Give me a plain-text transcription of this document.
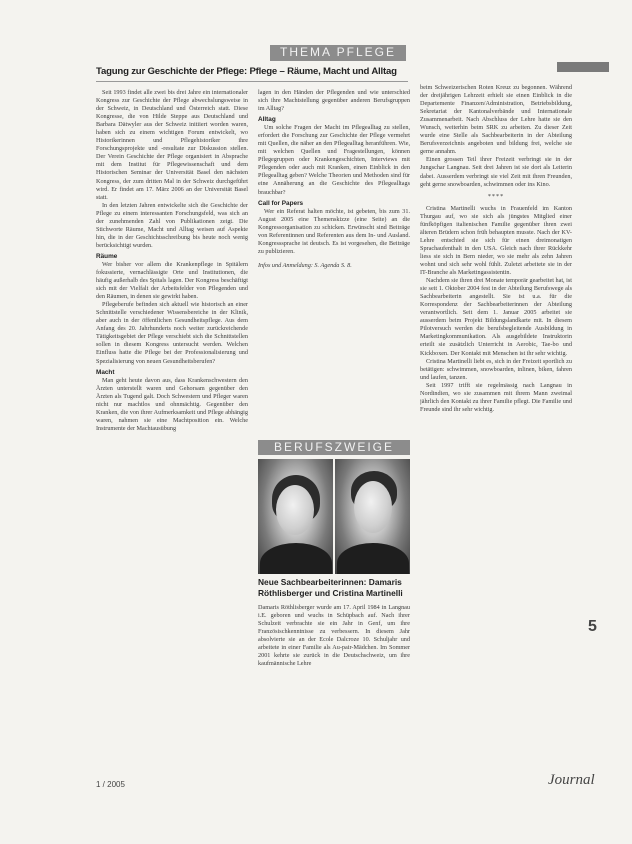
THEMA PFLEGE
Tagung zur Geschichte der Pflege: Pflege – Räume, Macht und Alltag

Seit 1993 findet alle zwei bis drei Jahre ein internationaler Kongress zur Geschichte der Pflege abwechslungsweise in der Schweiz, in Deutschland und Österreich statt. Diese Kongresse, die von Hilde Steppe aus Deutschland und Barbara Dätwyler aus der Schweiz initiiert worden waren, haben sich zu einem wichtigen Forum entwickelt, wo Historikerinnen und Pflegehistoriker ihre Forschungsprojekte und -resultate zur Diskussion stellen. Der Verein Geschichte der Pflege organisiert in Absprache mit dem Institut für Pflegewissenschaft und dem Historischen Seminar der Universität Basel den nächsten Kongress, der zum dritten Mal in der Schweiz durchgeführt wird. Er findet am 17. März 2006 an der Universität Basel statt.

In den letzten Jahren entwickelte sich die Geschichte der Pflege zu einem interessanten Forschungsfeld, was sich an der zunehmenden Zahl von Publikationen zeigt. Die Stichworte Räume, Macht und Alltag weisen auf Aspekte hin, die in der Geschichtsschreibung bis heute noch wenig berücksichtigt wurden.

Räume

Wer bisher vor allem die Krankenpflege in Spitälern fokussierte, vernachlässigte Orte und Institutionen, die häufig außerhalb des Spitals lagen. Der Kongress beschäftigt sich mit der Vielfalt der Arbeitsfelder von Pflegenden und den Räumen, in denen sie gewirkt haben.

Pflegeberufe befinden sich aktuell wie historisch an einer Schnittstelle verschiedener Wissensbereiche in der Klinik, aber auch in der öffentlichen Gesundheitspflege. Aus dem Anfang des 20. Jahrhunderts noch weiter zurückreichende Tätigkeitsgebiet der Pflege verschiebt sich die Schnittstellen sollen in diesem Kongress untersucht werden. Welchen Einfluss hatte die Pflege bei der Professionalisierung und Spezialisierung von neuen Gesundheitsberufen?

Macht

Man geht heute davon aus, dass Krankenschwestern den Ärzten unterstellt waren und Gehorsam gegenüber den Ärzten als Tugend galt. Doch Schwestern und Pfleger waren nicht nur machtlos und ohnmächtig. Gegenüber den Kranken, die von ihrer Aufmerksamkeit und Pflege abhängig waren, nahmen sie eine Machtposition ein. Welche Instrumente der Machtausübung

lagen in den Händen der Pflegenden und wie unterschied sich ihre Machtstellung gegenüber anderen Berufsgruppen im Alltag?

Alltag

Um solche Fragen der Macht im Pflegealltag zu stellen, erfordert die Forschung zur Geschichte der Pflege vermehrt mit Quellen, die näher an den Pflegealltag heranführen. Wie, mit welchen Quellen und Fragestellungen, können Pflegegruppen oder Krankengeschichten, Interviews mit Pflegenden oder auch mit Kranken, einen Einblick in den Pflegealltag geben? Welche Theorien und Methoden sind für eine Annäherung an die Geschichte des Pflegealltags brauchbar?

Call for Papers

Wer ein Referat halten möchte, ist gebeten, bis zum 31. August 2005 eine Themenskizze (eine Seite) an die Kongressorganisation zu schicken. Erwünscht sind Beiträge von Referentinnen und Referenten aus dem In- und Ausland. Kongresssprache ist deutsch. Es ist vorgesehen, die Beiträge zu publizieren.

Infos und Anmeldung: S. Agenda S. 8.

BERUFSZWEIGE
Neue Sachbearbeiterinnen: Damaris Röthlisberger und Cristina Martinelli

Damaris Röthlisberger wurde am 17. April 1984 in Langnau i.E. geboren und wuchs in Schüpbach auf. Nach ihrer Schulzeit verbrachte sie ein Jahr in Genf, um ihre Französischkenntnisse zu verbessern. In diesem Jahr absolvierte sie an der Ecole Dalcroze 10. Schuljahr und arbeitete in einer Familie als Au-pair-Mädchen. Im Sommer 2001 kehrte sie zurück in die Deutschschweiz, um ihre kaufmännische Lehre

beim Schweizerischen Roten Kreuz zu begonnen. Während der dreijährigen Lehrzeit erhielt sie einen Einblick in die Departemente Finanzen/Administration, Betriebsbildung, Sekretariat der Kantonalverbände und Internationale Zusammenarbeit. Nach Abschluss der Lehre hatte sie den Wunsch, weiterhin beim SRK zu arbeiten. Zu dieser Zeit wurde eine Stelle als Sachbearbeiterin in der Abteilung Berufsverzeichnis angeboten und bildung frei, welche sie gerne annahm.

Einen grossen Teil ihrer Freizeit verbringt sie in der Jungschar Langnau. Seit drei Jahren ist sie dort als Leiterin dabei. Ausserdem verbringt sie viel Zeit mit ihren Freunden, geht gerne snowboarden, schwimmen oder ins Kino.

****

Cristina Martinelli wuchs in Frauenfeld im Kanton Thurgau auf, wo sie sich als jüngstes Mitglied einer fünfköpfigen italienischen Familie gegenüber ihren zwei älteren Brüdern schon früh behaupten musste. Nach der KV-Lehre entschied sie sich für einen dreimonatigen Sprachaufenthalt in den USA. Gleich nach ihrer Rückkehr liess sie sich in Bern nieder, wo sie mehr als zehn Jahren wohnt und sich sehr wohl fühlt. Zuletzt arbeitete sie in der IT-Branche als Marketingassistentin.

Nachdem sie ihren drei Monate temporär gearbeitet hat, ist sie seit 1. Oktober 2004 fest in der Abteilung Berufswege als Sachbearbeiterin angestellt. Sie ist u.a. für die Korrespondenz der Sachbearbeiterinnen der Abteilung verantwortlich. Seit dem 1. Januar 2005 arbeitet sie ausserdem beim Projekt Bildungslandkarte mit. In diesem Pilotversuch werden die berufsbegleitende Ausbildung in Marketingkommunikation. Als ausgebildete Instruktorin erteilt sie zusätzlich Unterricht in Aerobic, Tae-bo und Kickboxen. Der Kontakt mit Menschen ist ihr sehr wichtig.

Cristina Martinelli liebt es, sich in der Freizeit sportlich zu betätigen: schwimmen, snowboarden, inlinen, biken, fahren und laufen, tanzen.

Seit 1997 trifft sie regelmässig nach Langnau in Nordindien, wo sie zusammen mit ihrem Mann zweimal jährlich den Kontakt zu ihrer Familie pflegt. Die Familie und Freunde sind ihr sehr wichtig.

5
1 / 2005	Journal
